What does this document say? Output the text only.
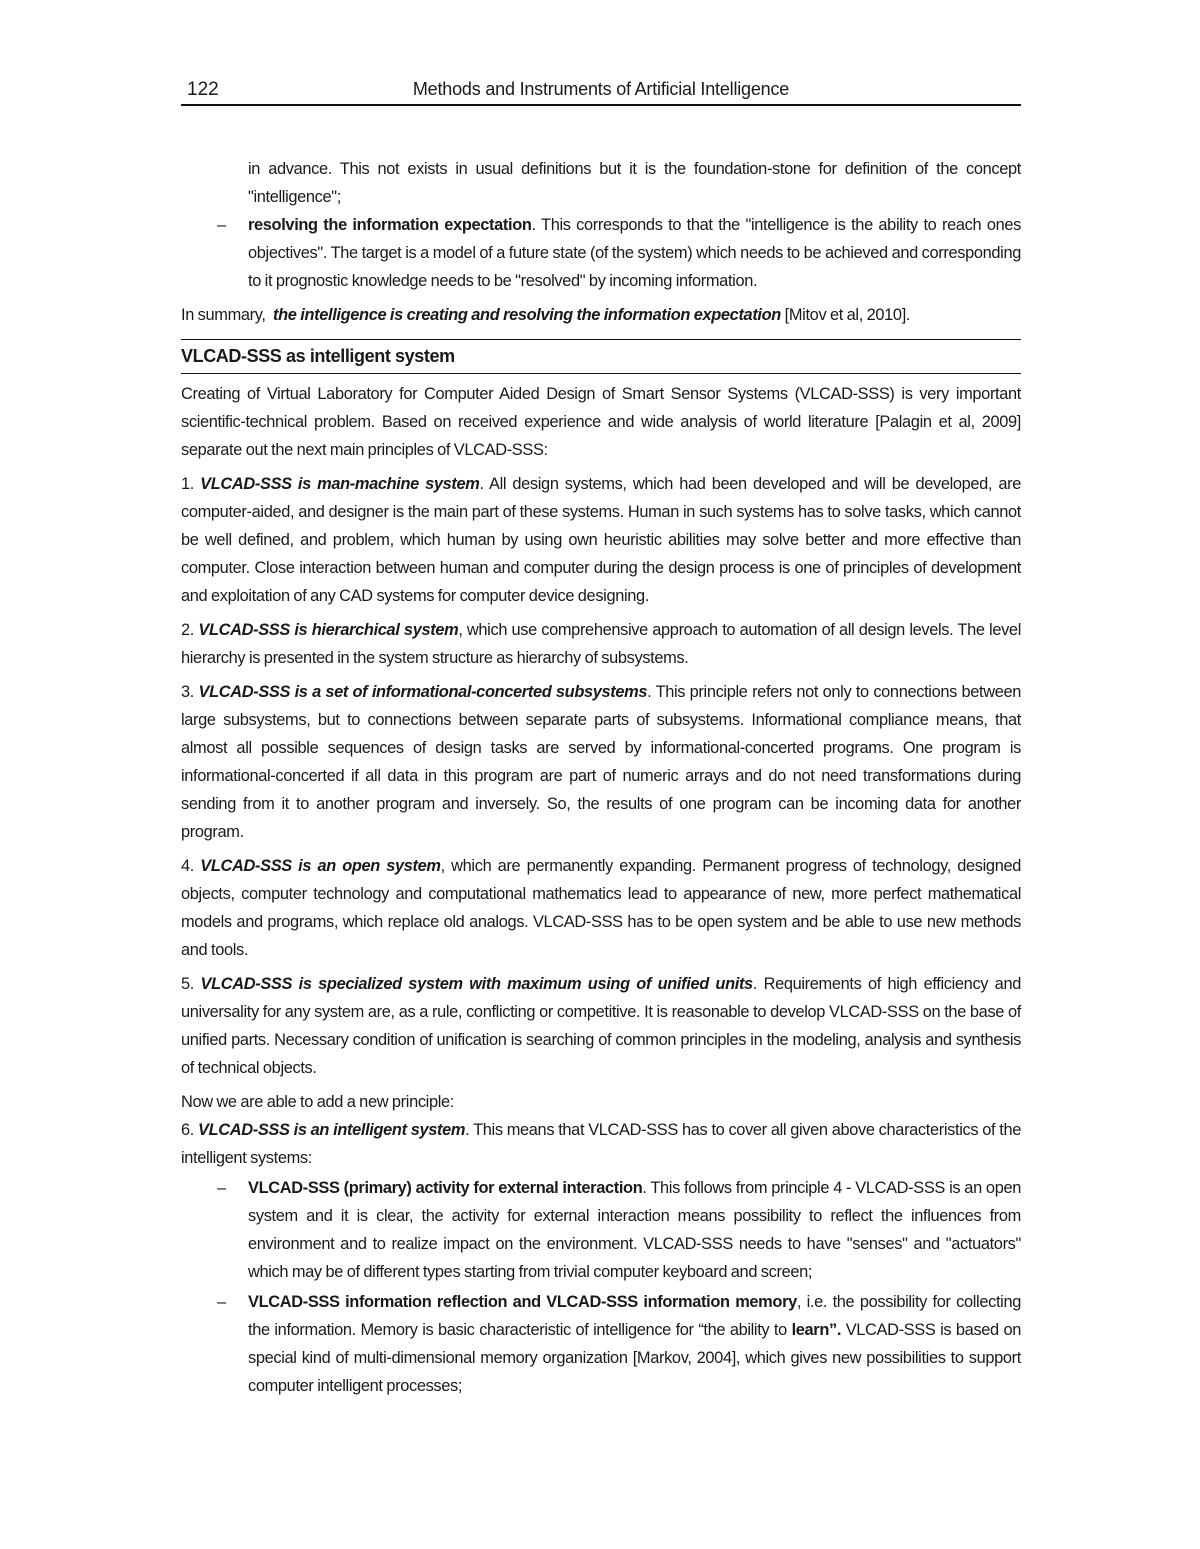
122	Methods and Instruments of Artificial Intelligence

in advance. This not exists in usual definitions but it is the foundation-stone for definition of the concept "intelligence";

– resolving the information expectation. This corresponds to that the "intelligence is the ability to reach ones objectives". The target is a model of a future state (of the system) which needs to be achieved and corresponding to it prognostic knowledge needs to be "resolved" by incoming information.

In summary,  the intelligence is creating and resolving the information expectation [Mitov et al, 2010].

VLCAD-SSS as intelligent system

Creating of Virtual Laboratory for Computer Aided Design of Smart Sensor Systems (VLCAD-SSS) is very important scientific-technical problem. Based on received experience and wide analysis of world literature [Palagin et al, 2009] separate out the next main principles of VLCAD-SSS:

1. VLCAD-SSS is man-machine system. All design systems, which had been developed and will be developed, are computer-aided, and designer is the main part of these systems. Human in such systems has to solve tasks, which cannot be well defined, and problem, which human by using own heuristic abilities may solve better and more effective than computer. Close interaction between human and computer during the design process is one of principles of development and exploitation of any CAD systems for computer device designing.

2. VLCAD-SSS is hierarchical system, which use comprehensive approach to automation of all design levels. The level hierarchy is presented in the system structure as hierarchy of subsystems.

3. VLCAD-SSS is a set of informational-concerted subsystems. This principle refers not only to connections between large subsystems, but to connections between separate parts of subsystems. Informational compliance means, that almost all possible sequences of design tasks are served by informational-concerted programs. One program is informational-concerted if all data in this program are part of numeric arrays and do not need transformations during sending from it to another program and inversely. So, the results of one program can be incoming data for another program.

4. VLCAD-SSS is an open system, which are permanently expanding. Permanent progress of technology, designed objects, computer technology and computational mathematics lead to appearance of new, more perfect mathematical models and programs, which replace old analogs. VLCAD-SSS has to be open system and be able to use new methods and tools.

5. VLCAD-SSS is specialized system with maximum using of unified units. Requirements of high efficiency and universality for any system are, as a rule, conflicting or competitive. It is reasonable to develop VLCAD-SSS on the base of unified parts. Necessary condition of unification is searching of common principles in the modeling, analysis and synthesis of technical objects.

Now we are able to add a new principle:

6. VLCAD-SSS is an intelligent system. This means that VLCAD-SSS has to cover all given above characteristics of the intelligent systems:

– VLCAD-SSS (primary) activity for external interaction. This follows from principle 4 - VLCAD-SSS is an open system and it is clear, the activity for external interaction means possibility to reflect the influences from environment and to realize impact on the environment. VLCAD-SSS needs to have "senses" and "actuators" which may be of different types starting from trivial computer keyboard and screen;
– VLCAD-SSS information reflection and VLCAD-SSS information memory, i.e. the possibility for collecting the information. Memory is basic characteristic of intelligence for “the ability to learn”. VLCAD-SSS is based on special kind of multi-dimensional memory organization [Markov, 2004], which gives new possibilities to support computer intelligent processes;
